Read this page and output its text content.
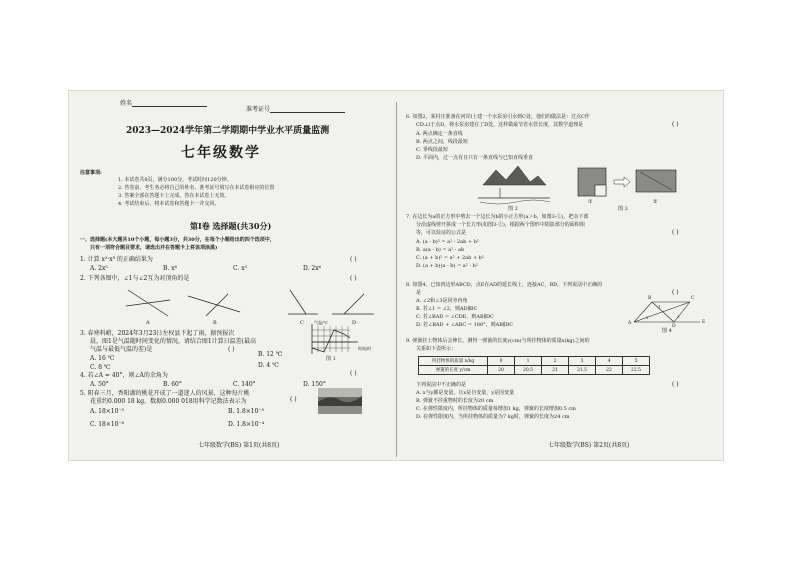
姓名
准考证号
2023—2024学年第二学期期中学业水平质量监测
七年级数学
注意事项:
1. 本试卷共8页，满分100分，考试时间120分钟。
2. 答卷前，考生务必将自己的姓名、准考证号填写在本试卷相应的位置
3. 答案全部在答题卡上完成，答在本试卷上无效。
4. 考试结束后，将本试卷和答题卡一并交回。
第Ⅰ卷 选择题(共30分)
一、选择题(本大题共10个小题，每小题3分，共30分，在每个小题给出的四个选项中，
只有一项符合题目要求，请选出并在答题卡上将该项涂黑)
1. 计算 x²·x³ 的正确结果为	( )
A. 2x⁵	B. x⁶	C. x⁵	D. 2x⁶
2. 下列各图中，∠1与∠2互为对顶角的是	( )
A	B	C	D
3. 春寒料峭，2024年3月23日左权县下起了雨，据预报次
晨，图1是气温随时间变化的情况，请结合图1计算日温差(最高
气温与最低气温的差)是	( )
A. 16 ℃
B. 12 ℃
C. 8 ℃	D. 4 ℃
气温/℃
时间/时
图 1
4. 若∠A = 40°，则∠A的余角为	( )
A. 50°	B. 60°	C. 140°	D. 150°
5. 阳春三月，香阳湖的桃花开成了一道迷人的风景，这种每片桃
花重约0.000 18 kg，数据0.000 018用科学记数法表示为	( )
A. 18×10⁻⁵	B. 1.8×10⁻⁵
C. 18×10⁻⁶	D. 1.8×10⁻⁴
七年级数学(BS) 第1页(共8页)
6. 如图2，某村庄准备在河岸l上建一个水泵房引水到C处，他们的做法是：过点C作
CD⊥l于点D，将水泵房建在了D处，这样做最节省水管长度，其数学道理是	( )
A. 两点确定一条直线
B. 两点之间，线段最短
C. 垂线段最短
D. 平面内，过一点有且只有一条直线与已知直线垂直
图 2
①	②
图 3
7. 在边长为a的正方形中剪去一个边长为b的小正方形(a＞b，如图3-①)，把余下部
分沿虚线剪开拼成一个长方形(如图3-②)，根据两个图形中阴影部分的面积相
等，可以验证的公式是	( )
A. (a - b)² = a² - 2ab + b²
B. a(a - b) = a² - ab
C. (a + b)² = a² + 2ab + b²
D. (a + b)(a - b) = a² - b²
8. 如图4，已知四边形ABCD，点E在AD的延长线上，连接AC，BD，下列说法中正确的
是	( )
A. ∠2和∠3是同旁内角
B. 若∠1 = ∠2，则AD∥BC
C. 若∠BAD = ∠CDE，则AB∥DC
D. 若∠BAD + ∠ABC = 180°，则AB∥DC	A
B	C
D
E
1
2	3
图 4
9. 弹簧挂上物体后会伸长，测得一弹簧的长度y(cm)与所挂物体的质量x(kg)之间的
关系如下表所示：
所挂物体的质量 x/kg	0	1	2	3	4	5
弹簧的长度 y/cm	20	20.5	21	21.5	22	22.5
下列说法中不正确的是	( )
A. x与y都是变量，且x是自变量，y是因变量
B. 弹簧不挂重物时的长度为20 cm
C. 在弹性限度内，所挂物体的质量每增加1 kg，弹簧的长度增加0.5 cm
D. 在弹性限度内，当所挂物体的质量为7 kg时，弹簧的长度为24 cm
七年级数学(BS) 第2页(共8页)
